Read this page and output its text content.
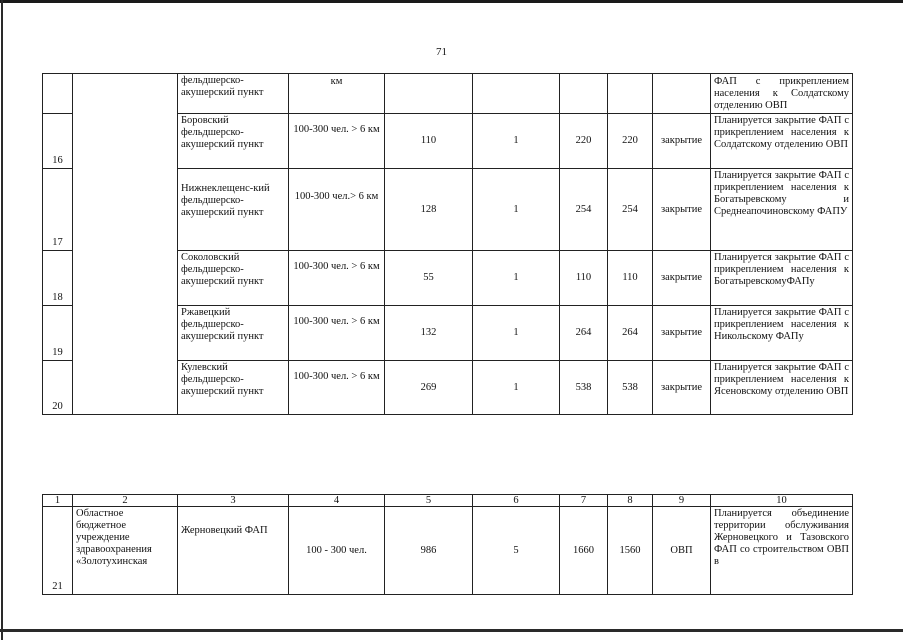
71
		фельдшерско-акушерский пункт	км						ФАП с прикреплением населения к Солдатскому отделению ОВП
16		Боровский фельдшерско-акушерский пункт	100-300 чел. > 6 км	110	1	220	220	закрытие	Планируется закрытие ФАП с прикреплением населения к Солдатскому отделению ОВП
17		Нижнеклещенс-кий фельдшерско-акушерский пункт	100-300 чел.> 6 км	128	1	254	254	закрытие	Планируется закрытие ФАП с прикреплением населения к Богатыревскому и Среднеапочиновскому ФАПУ
18		Соколовский фельдшерско-акушерский пункт	100-300 чел. > 6 км	55	1	110	110	закрытие	Планируется закрытие ФАП с прикреплением населения к БогатыревскомуФАПу
19		Ржавецкий фельдшерско-акушерский пункт	100-300 чел. > 6 км	132	1	264	264	закрытие	Планируется закрытие ФАП с прикреплением населения к Никольскому ФАПу
20		Кулевский фельдшерско-акушерский пункт	100-300 чел. > 6 км	269	1	538	538	закрытие	Планируется закрытие ФАП с прикреплением населения к Ясеновскому отделению ОВП
1	2	3	4	5	6	7	8	9	10
21	Областное бюджетное учреждение здравоохранения «Золотухинская	Жерновецкий ФАП	100 - 300 чел.	986	5	1660	1560	ОВП	Планируется объединение территории обслуживания Жерновецкого и Тазовского ФАП со строительством ОВП в
